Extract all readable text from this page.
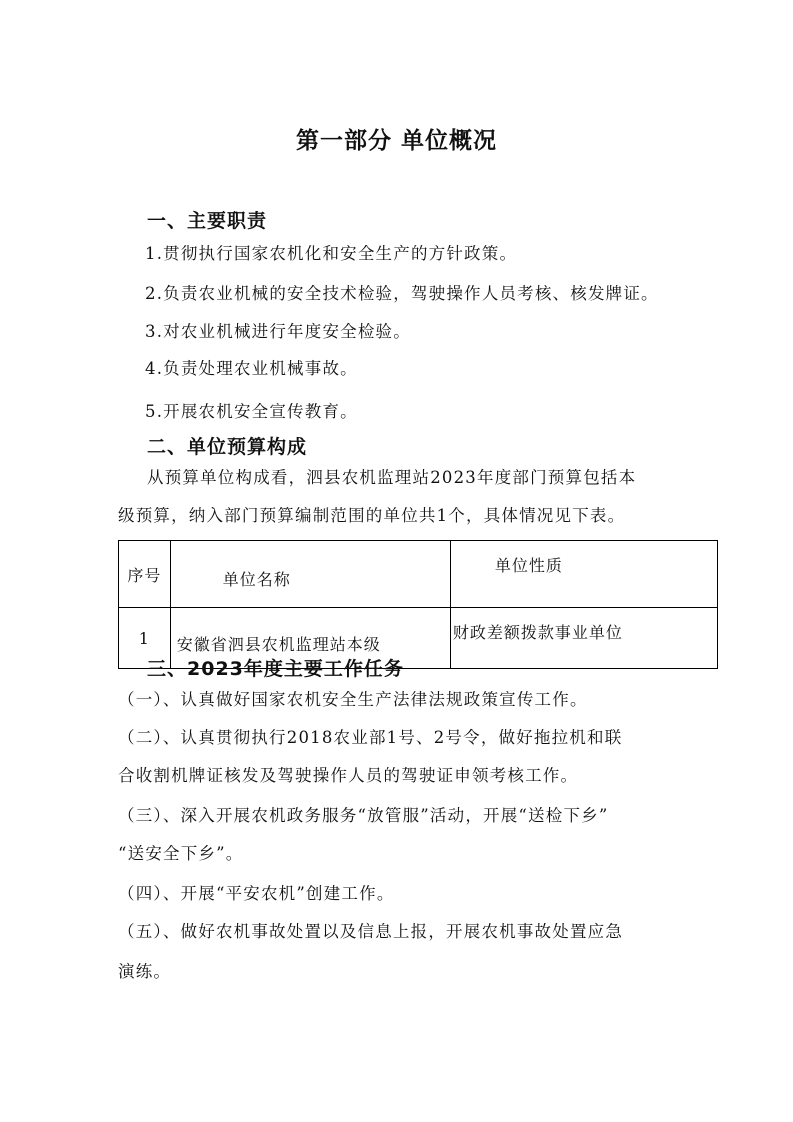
第一部分 单位概况
一、主要职责
1.贯彻执行国家农机化和安全生产的方针政策。
2.负责农业机械的安全技术检验，驾驶操作人员考核、核发牌证。
3.对农业机械进行年度安全检验。
4.负责处理农业机械事故。
5.开展农机安全宣传教育。
二、单位预算构成
从预算单位构成看，泗县农机监理站2023年度部门预算包括本
级预算，纳入部门预算编制范围的单位共1个，具体情况见下表。
序号	单位名称	单位性质
1	安徽省泗县农机监理站本级	财政差额拨款事业单位
三、2023年度主要工作任务
（一）、认真做好国家农机安全生产法律法规政策宣传工作。
（二）、认真贯彻执行2018农业部1号、2号令，做好拖拉机和联
合收割机牌证核发及驾驶操作人员的驾驶证申领考核工作。
（三）、深入开展农机政务服务“放管服”活动，开展“送检下乡”
“送安全下乡”。
（四）、开展“平安农机”创建工作。
（五）、做好农机事故处置以及信息上报，开展农机事故处置应急
演练。
